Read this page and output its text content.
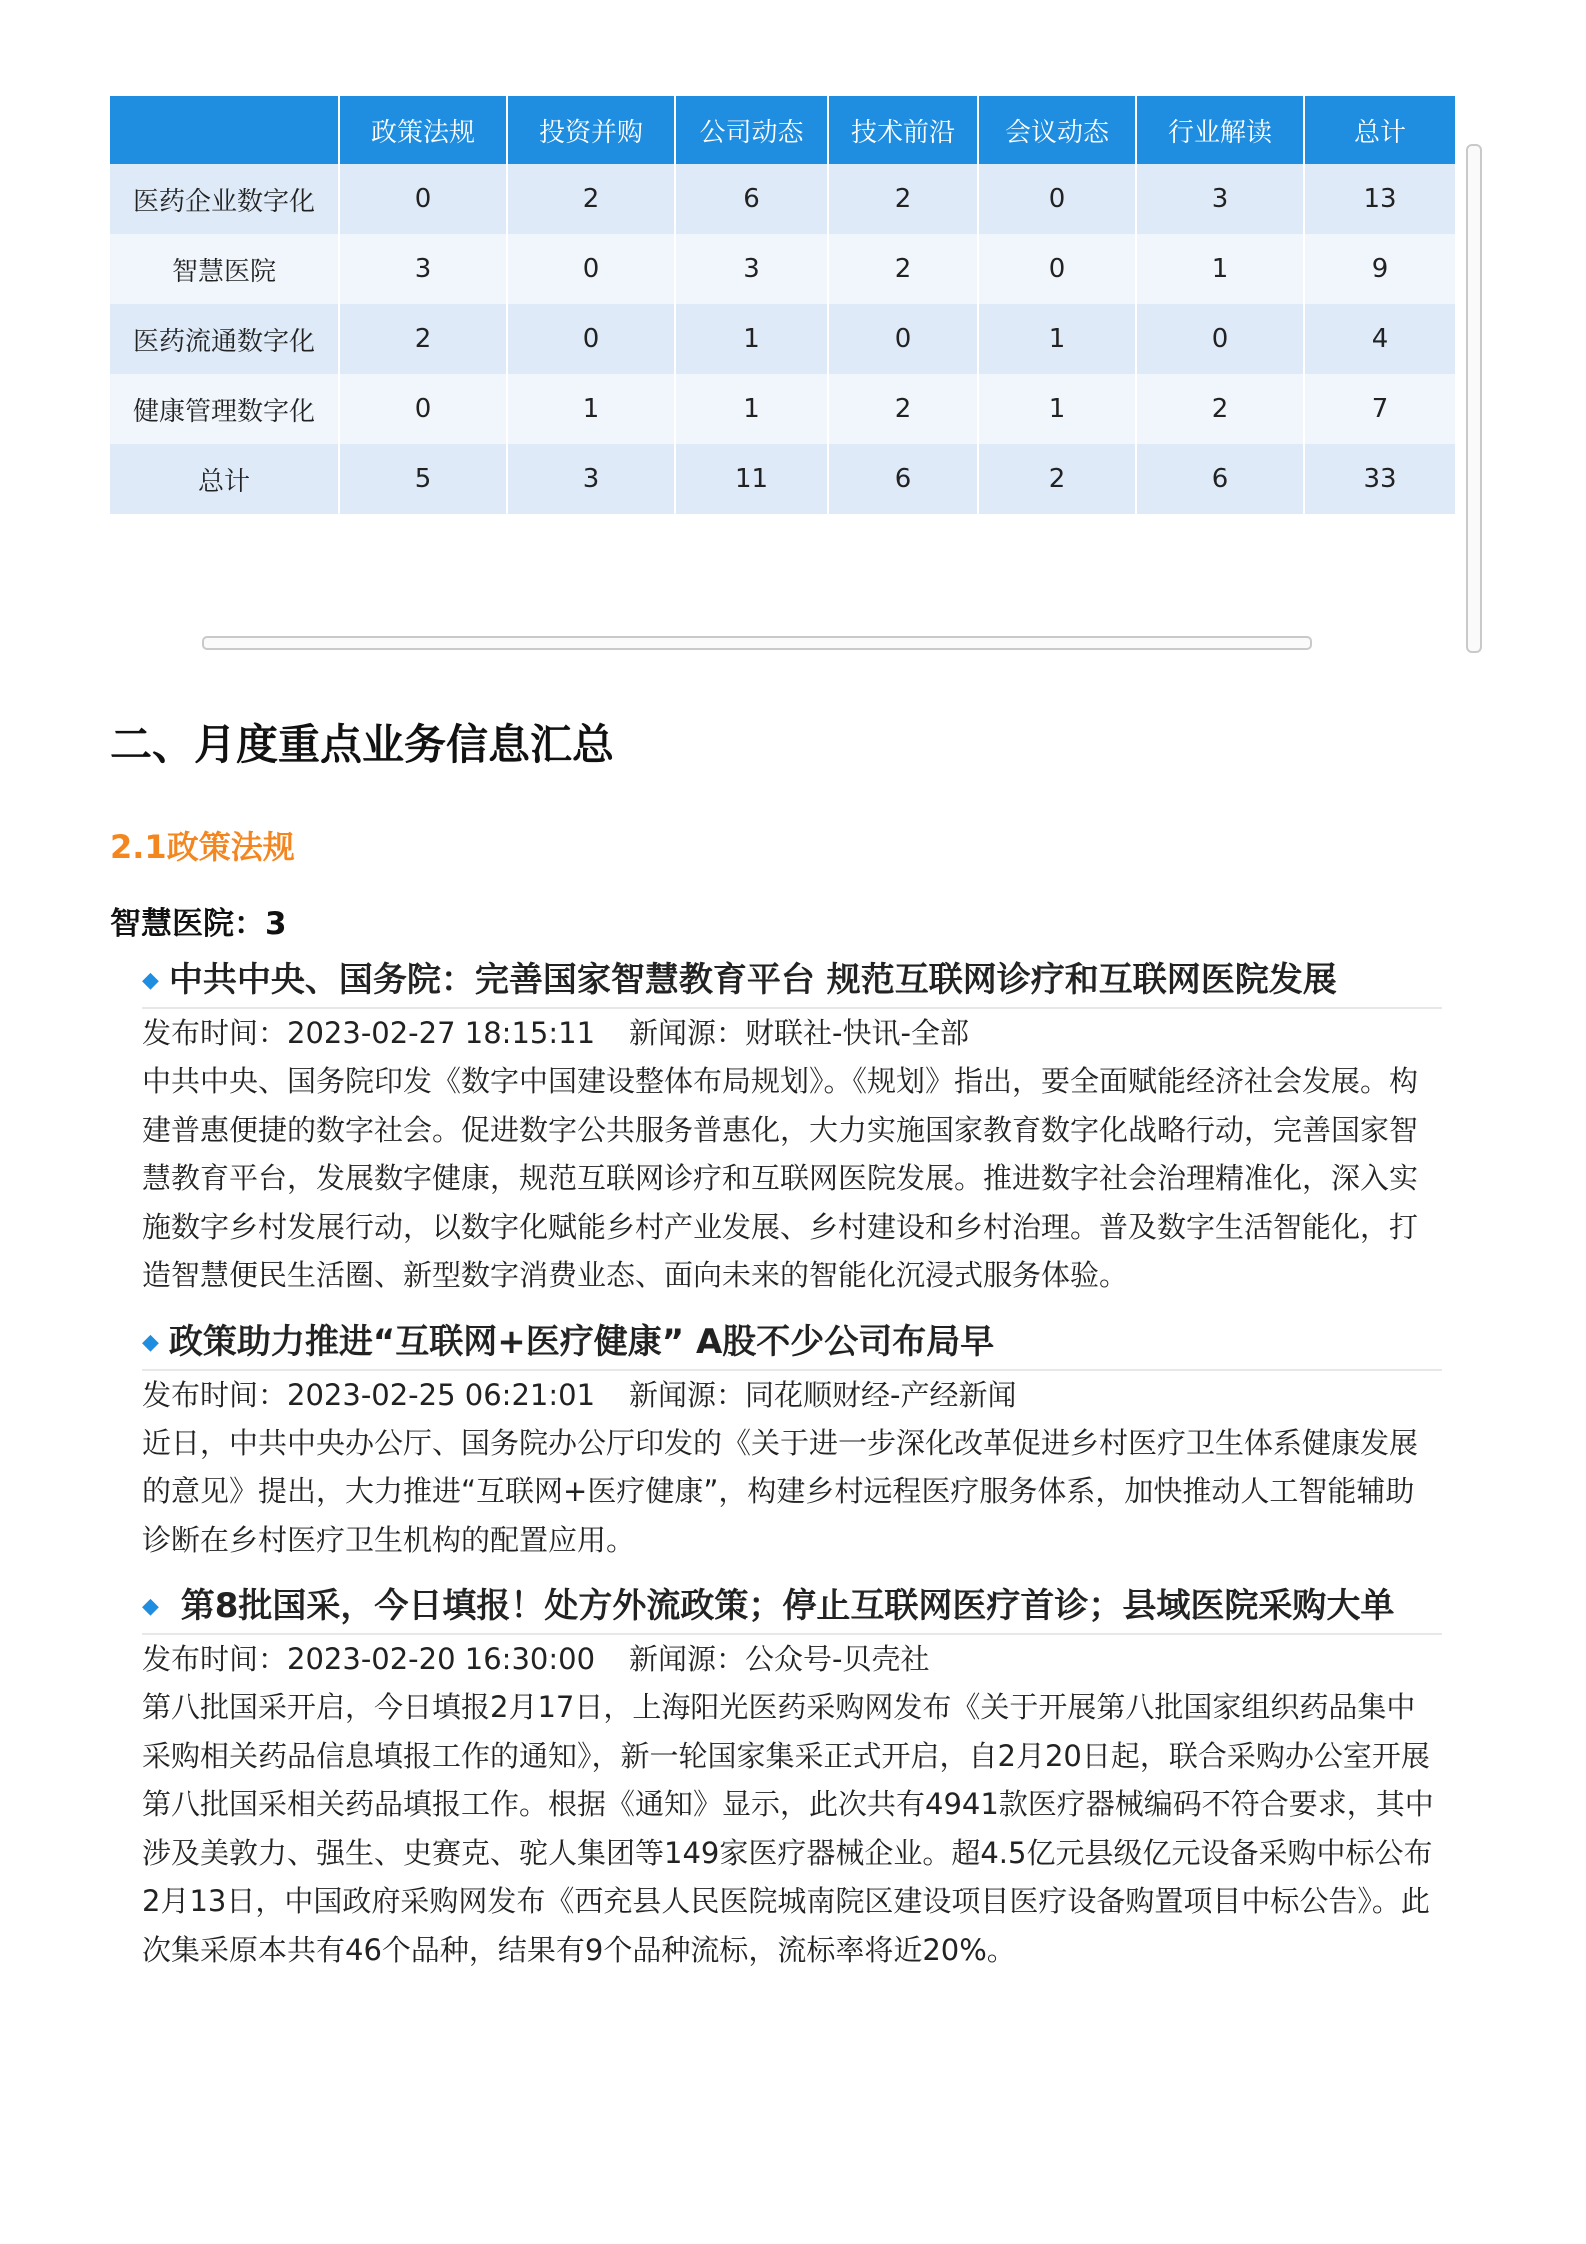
	政策法规	投资并购	公司动态	技术前沿	会议动态	行业解读	总计
医药企业数字化	0	2	6	2	0	3	13
智慧医院	3	0	3	2	0	1	9
医药流通数字化	2	0	1	0	1	0	4
健康管理数字化	0	1	1	2	1	2	7
总计	5	3	11	6	2	6	33
二、月度重点业务信息汇总
2.1政策法规
智慧医院：3
◆ 中共中央、国务院：完善国家智慧教育平台 规范互联网诊疗和互联网医院发展
发布时间：2023-02-27 18:15:11 新闻源：财联社-快讯-全部
中共中央、国务院印发《数字中国建设整体布局规划》。《规划》指出，要全面赋能经济社会发展。构建普惠便捷的数字社会。促进数字公共服务普惠化，大力实施国家教育数字化战略行动，完善国家智慧教育平台，发展数字健康，规范互联网诊疗和互联网医院发展。推进数字社会治理精准化，深入实施数字乡村发展行动，以数字化赋能乡村产业发展、乡村建设和乡村治理。普及数字生活智能化，打造智慧便民生活圈、新型数字消费业态、面向未来的智能化沉浸式服务体验。
◆ 政策助力推进“互联网+医疗健康” A股不少公司布局早
发布时间：2023-02-25 06:21:01 新闻源：同花顺财经-产经新闻
近日，中共中央办公厅、国务院办公厅印发的《关于进一步深化改革促进乡村医疗卫生体系健康发展的意见》提出，大力推进“互联网+医疗健康”，构建乡村远程医疗服务体系，加快推动人工智能辅助诊断在乡村医疗卫生机构的配置应用。
◆ 第8批国采，今日填报！处方外流政策；停止互联网医疗首诊；县域医院采购大单
发布时间：2023-02-20 16:30:00 新闻源：公众号-贝壳社
第八批国采开启，今日填报2月17日，上海阳光医药采购网发布《关于开展第八批国家组织药品集中采购相关药品信息填报工作的通知》，新一轮国家集采正式开启，自2月20日起，联合采购办公室开展第八批国采相关药品填报工作。根据《通知》显示，此次共有4941款医疗器械编码不符合要求，其中涉及美敦力、强生、史赛克、驼人集团等149家医疗器械企业。超4.5亿元县级亿元设备采购中标公布2月13日，中国政府采购网发布《西充县人民医院城南院区建设项目医疗设备购置项目中标公告》。此次集采原本共有46个品种，结果有9个品种流标，流标率将近20%。
